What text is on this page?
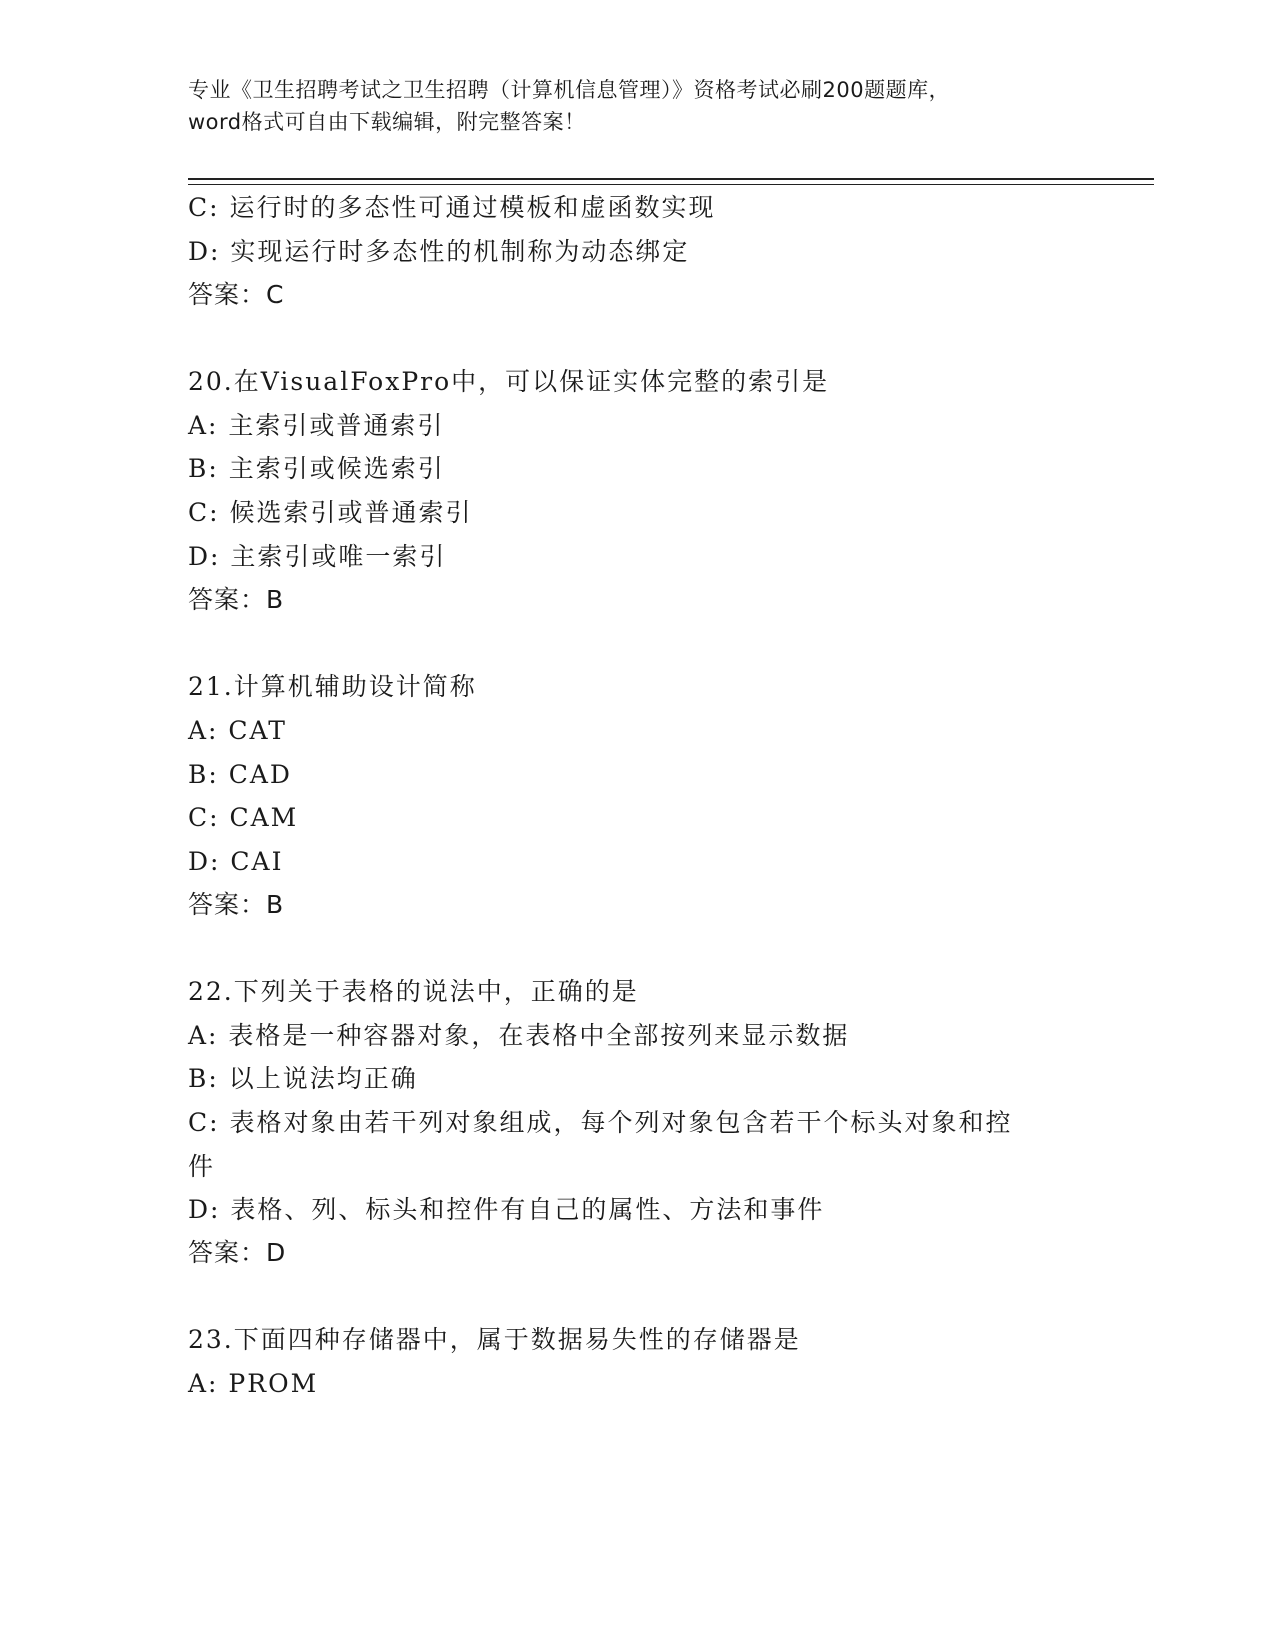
专业《卫生招聘考试之卫生招聘（计算机信息管理）》资格考试必刷200题题库，
word格式可自由下载编辑，附完整答案！
C: 运行时的多态性可通过模板和虚函数实现
D: 实现运行时多态性的机制称为动态绑定
答案：C
20.在VisualFoxPro中，可以保证实体完整的索引是
A: 主索引或普通索引
B: 主索引或候选索引
C: 候选索引或普通索引
D: 主索引或唯一索引
答案：B
21.计算机辅助设计简称
A: CAT
B: CAD
C: CAM
D: CAI
答案：B
22.下列关于表格的说法中，正确的是
A: 表格是一种容器对象，在表格中全部按列来显示数据
B: 以上说法均正确
C: 表格对象由若干列对象组成，每个列对象包含若干个标头对象和控
件
D: 表格、列、标头和控件有自己的属性、方法和事件
答案：D
23.下面四种存储器中，属于数据易失性的存储器是
A: PROM
